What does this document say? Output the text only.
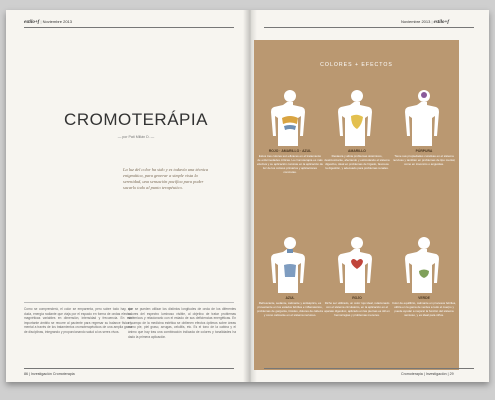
estilo+f | Noviembre 2013
CROMOTERÁPIA
— por Pati Millán D. —
La luz del color ha sido y es todavía una técnica enigmática, para generar a simple vista la serenidad, una sensación pacífica para poder sacarlo todo al punto terapéutico.
Como se comprenderá, el color se emparenta, pero sobre todo hay, sin duda, energía radiante que viaja por el espacio en forma de ondas electro-magnéticas variables en dimensión, intensidad y frecuencia. En ese importante ámbito se recurre al paciente para regresar su balance físico y mental a través de los tratamientos cromoterapéuticos de una amplia gama de disciplinas, integrando y proporcionando salud a los seres vivos.
que se pueden utilizar los distintos longitudes de onda de los diferentes colores del espectro luminoso visible, al objetivo de tratar problemas sistémicos y relacionarlo con el estado de sus deficiencias energéticas. En el campo de la medicina estética se obtienen efectos óptimos sobre áreas como pie, piel graso, arrugas, celulitis, etc. Es el tono de la cabina y el ánimo que hay tras una combinación indicada de colores y tonalidades ha dado la primera aplicación.
86 | Investigación Cromoterapia
Noviembre 2013 | estilo+f
COLORES + EFECTOS
ROJO · AMARILLO · AZUL
Estos tres colores son eficaces en el tratamiento de enfermedades críticas. La cromoterapia es más efectiva y su aplicación consiste en la aplicación de luz de los colores primarios y aplicaciones concretas.
AMARILLO
Restaura y alivia problemas sistémicos, desintoxicante, afectando y estimulando el sistema digestivo, ideal en problemas de hígado, favorece la digestión, y adecuado para problemas renales.
PÚRPURA
Tiene sus propiedades curativas en el sistema nervioso y también en problemas de tipo mental, como en insomnio o angustias.
AZUL
Refrescante, sedante, calmante y antiséptico, es proveniente en los estados febriles e inflamatorios, problemas de garganta, tiroides, dolores de cabeza y como calmante en el sistema nervioso.
ROJO
Dicho ser utilizado, un color rojo ideal, relacionado con el sistema circulatorio, en la aplicación en el aparato digestivo; aplicado en las piernas es útil en hemorragias y problemas menores.
VERDE
Color de equilibrio, calmante en procesos febriles, utiliza en la gama de verdes a todo el cuerpo y puede ayudar a mejorar la función del sistema nervioso, y es ideal para niños.
Cromoterapia | Investigación | 29
